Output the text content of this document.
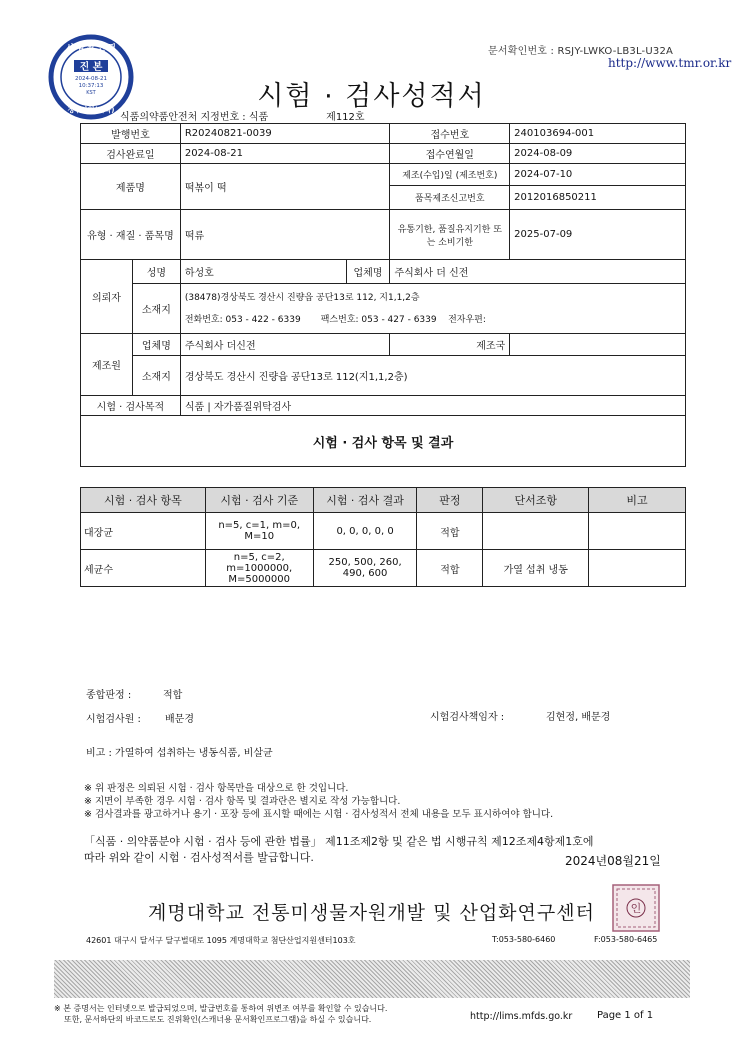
문서확인번호 : RSJY-LWKO-LB3L-U32A
http://www.tmr.or.kr
시 험 확 인 필
진 본
2024-08-21
10:37:13
KST
정부사업(의약)	시험 · 검사성적서
식품의약품안전처 지정번호 : 식품	제112호
발행번호		R20240821-0039		접수번호	240103694-001
검사완료일		2024-08-21		접수연월일	2024-08-09
제품명		떡볶이 떡		제조(수입)일 (제조번호)	2024-07-10
				품목제조신고번호	2012016850211
유형 · 재질 · 품목명		떡류		유통기한, 품질유지기한 또는 소비기한	2025-07-09
의뢰자	성명	하성호	업체명	주식회사 더 신전	
	소재지	(38478)경상북도 경산시 진량읍 공단13로 112, 지1,1,2층
전화번호: 053 - 422 - 6339 팩스번호: 053 - 427 - 6339 전자우편:			

제조원	업체명	주식회사 더신전		제조국	
	소재지	경상북도 경산시 진량읍 공단13로 112(지1,1,2층)			
시험 · 검사목적		식품 | 자가품질위탁검사			
시험 · 검사 항목 및 결과					
시험 · 검사 항목	시험 · 검사 기준	시험 · 검사 결과	판정	단서조항	비고
대장균	n=5, c=1, m=0, M=10	0, 0, 0, 0, 0	적합		
세균수	n=5, c=2, m=1000000, M=5000000	250, 500, 260, 490, 600	적합	가열 섭취 냉동	
종합판정 :	적합
시험검사원 : 배문경	시험검사책임자 :	김현정, 배문경
비고 : 가열하여 섭취하는 냉동식품, 비살균
※ 위 판정은 의뢰된 시험 · 검사 항목만을 대상으로 한 것입니다.
※ 지면이 부족한 경우 시험 · 검사 항목 및 결과란은 별지로 작성 가능합니다.
※ 검사결과를 광고하거나 용기 · 포장 등에 표시할 때에는 시험 · 검사성적서 전체 내용을 모두 표시하여야 합니다.
「식품 · 의약품분야 시험 · 검사 등에 관한 법률」 제11조제2항 및 같은 법 시행규칙 제12조제4항제1호에
따라 위와 같이 시험 · 검사성적서를 발급합니다.	2024년08월21일
계명대학교 전통미생물자원개발 및 산업화연구센터	인
42601 대구시 달서구 달구벌대로 1095 계명대학교 첨단산업지원센터103호	T:053-580-6460	F:053-580-6465
※ 본 증명서는 인터넷으로 발급되었으며, 발급번호를 통하여 위변조 여부를 확인할 수 있습니다.
또한, 문서하단의 바코드로도 진위확인(스캐너용 문서확인프로그램)을 하실 수 있습니다.	http://lims.mfds.go.kr Page 1 of 1
